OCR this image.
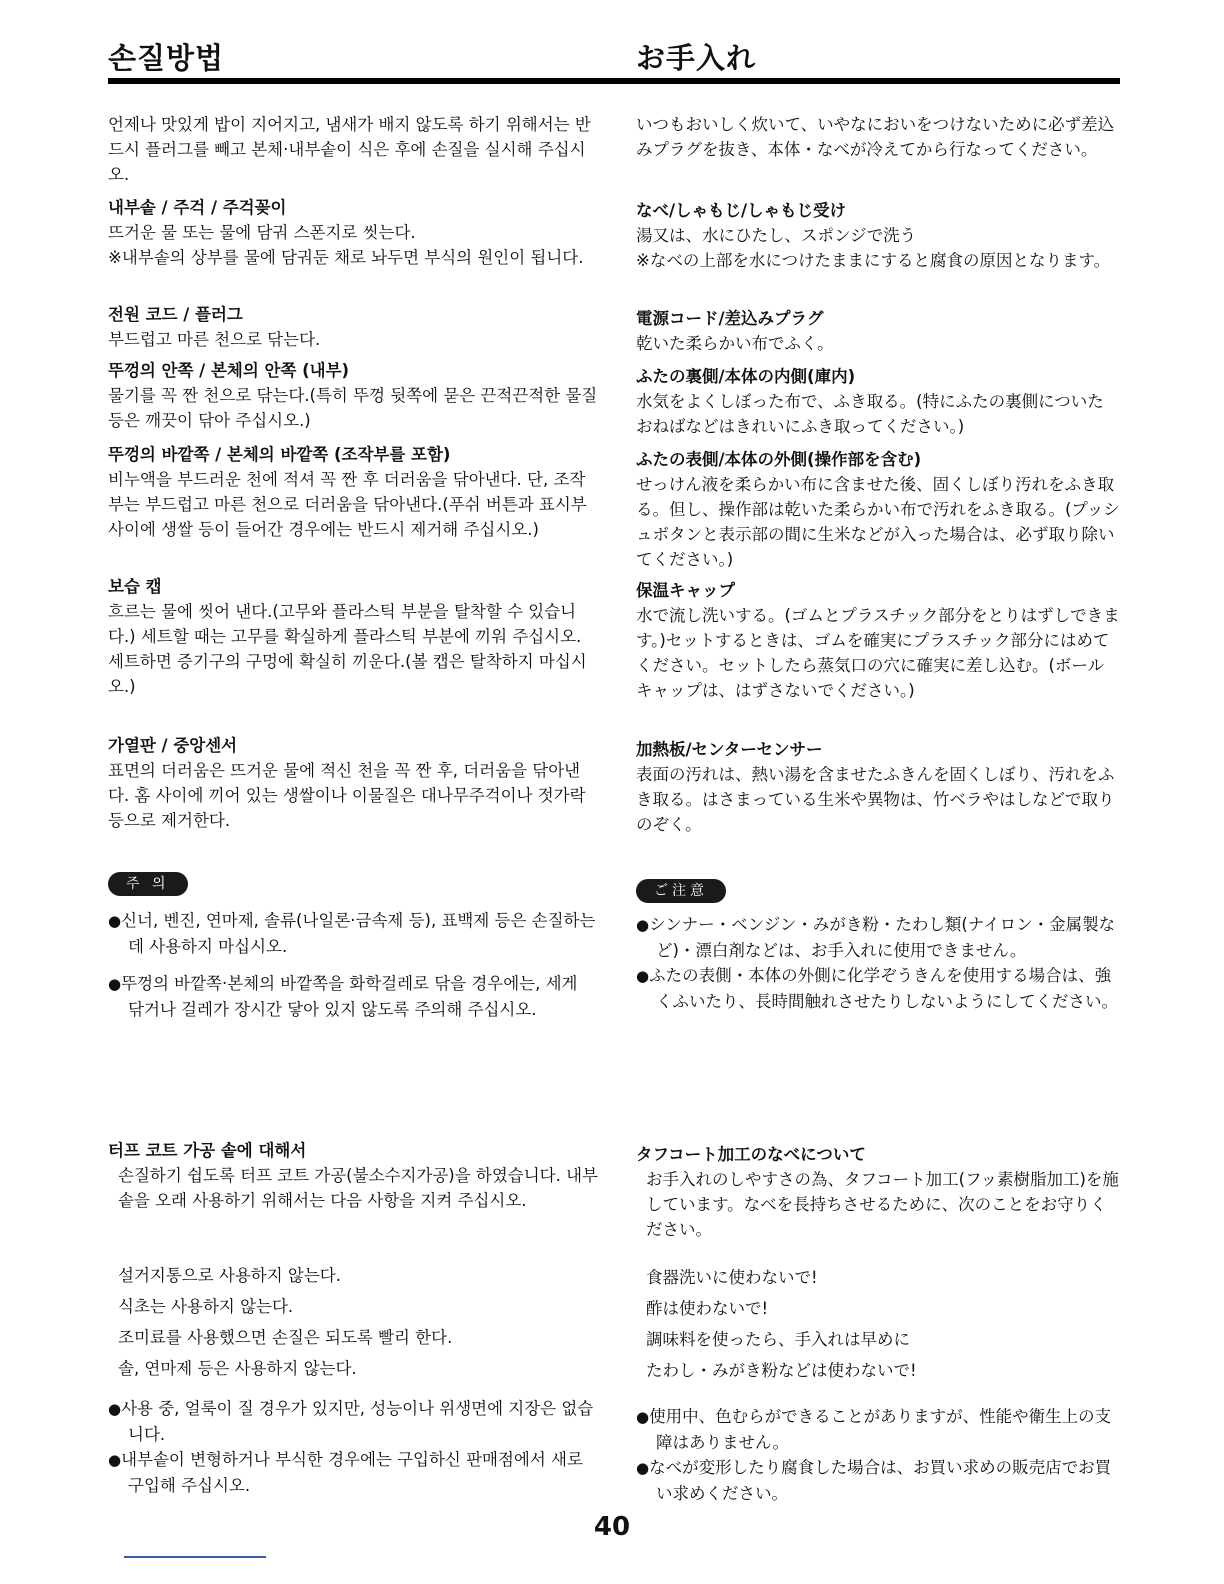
손질방법
언제나 맛있게 밥이 지어지고, 냄새가 배지 않도록 하기 위해서는 반드시 플러그를 빼고 본체·내부솥이 식은 후에 손질을 실시해 주십시오.
내부솥 / 주걱 / 주걱꽂이
뜨거운 물 또는 물에 담궈 스폰지로 씻는다.
※내부솥의 상부를 물에 담궈둔 채로 놔두면 부식의 원인이 됩니다.
전원 코드 / 플러그
부드럽고 마른 천으로 닦는다.
뚜껑의 안쪽 / 본체의 안쪽 (내부)
물기를 꼭 짠 천으로 닦는다.(특히 뚜껑 뒷쪽에 묻은 끈적끈적한 물질 등은 깨끗이 닦아 주십시오.)
뚜껑의 바깥쪽 / 본체의 바깥쪽 (조작부를 포함)
비누액을 부드러운 천에 적셔 꼭 짠 후 더러움을 닦아낸다. 단, 조작부는 부드럽고 마른 천으로 더러움을 닦아낸다.(푸쉬 버튼과 표시부 사이에 생쌀 등이 들어간 경우에는 반드시 제거해 주십시오.)
보습 캡
흐르는 물에 씻어 낸다.(고무와 플라스틱 부분을 탈착할 수 있습니다.) 세트할 때는 고무를 확실하게 플라스틱 부분에 끼워 주십시오. 세트하면 증기구의 구멍에 확실히 끼운다.(볼 캡은 탈착하지 마십시오.)
가열판 / 중앙센서
표면의 더러움은 뜨거운 물에 적신 천을 꼭 짠 후, 더러움을 닦아낸다. 홈 사이에 끼어 있는 생쌀이나 이물질은 대나무주걱이나 젓가락 등으로 제거한다.
주 의
●신너, 벤진, 연마제, 솔류(나일론·금속제 등), 표백제 등은 손질하는데 사용하지 마십시오.
●뚜껑의 바깥쪽·본체의 바깥쪽을 화학걸레로 닦을 경우에는, 세게 닦거나 걸레가 장시간 닿아 있지 않도록 주의해 주십시오.
터프 코트 가공 솥에 대해서
손질하기 쉽도록 터프 코트 가공(불소수지가공)을 하였습니다. 내부솥을 오래 사용하기 위해서는 다음 사항을 지켜 주십시오.
설거지통으로 사용하지 않는다.
식초는 사용하지 않는다.
조미료를 사용했으면 손질은 되도록 빨리 한다.
솔, 연마제 등은 사용하지 않는다.
●사용 중, 얼룩이 질 경우가 있지만, 성능이나 위생면에 지장은 없습니다.
●내부솥이 변형하거나 부식한 경우에는 구입하신 판매점에서 새로 구입해 주십시오.
お手入れ
いつもおいしく炊いて、いやなにおいをつけないために必ず差込みプラグを抜き、本体・なべが冷えてから行なってください。
なべ/しゃもじ/しゃもじ受け
湯又は、水にひたし、スポンジで洗う
※なべの上部を水につけたままにすると腐食の原因となります。
電源コード/差込みプラグ
乾いた柔らかい布でふく。
ふたの裏側/本体の内側(庫内)
水気をよくしぼった布で、ふき取る。(特にふたの裏側についたおねばなどはきれいにふき取ってください。)
ふたの表側/本体の外側(操作部を含む)
せっけん液を柔らかい布に含ませた後、固くしぼり汚れをふき取る。但し、操作部は乾いた柔らかい布で汚れをふき取る。(プッシュボタンと表示部の間に生米などが入った場合は、必ず取り除いてください。)
保温キャップ
水で流し洗いする。(ゴムとプラスチック部分をとりはずしできます。)セットするときは、ゴムを確実にプラスチック部分にはめてください。セットしたら蒸気口の穴に確実に差し込む。(ボールキャップは、はずさないでください。)
加熱板/センターセンサー
表面の汚れは、熱い湯を含ませたふきんを固くしぼり、汚れをふき取る。はさまっている生米や異物は、竹ベラやはしなどで取りのぞく。
ご注意
●シンナー・ベンジン・みがき粉・たわし類(ナイロン・金属製など)・漂白剤などは、お手入れに使用できません。
●ふたの表側・本体の外側に化学ぞうきんを使用する場合は、強くふいたり、長時間触れさせたりしないようにしてください。
タフコート加工のなべについて
お手入れのしやすさの為、タフコート加工(フッ素樹脂加工)を施しています。なべを長持ちさせるために、次のことをお守りください。
食器洗いに使わないで!
酢は使わないで!
調味料を使ったら、手入れは早めに
たわし・みがき粉などは使わないで!
●使用中、色むらができることがありますが、性能や衛生上の支障はありません。
●なべが変形したり腐食した場合は、お買い求めの販売店でお買い求めください。
40
